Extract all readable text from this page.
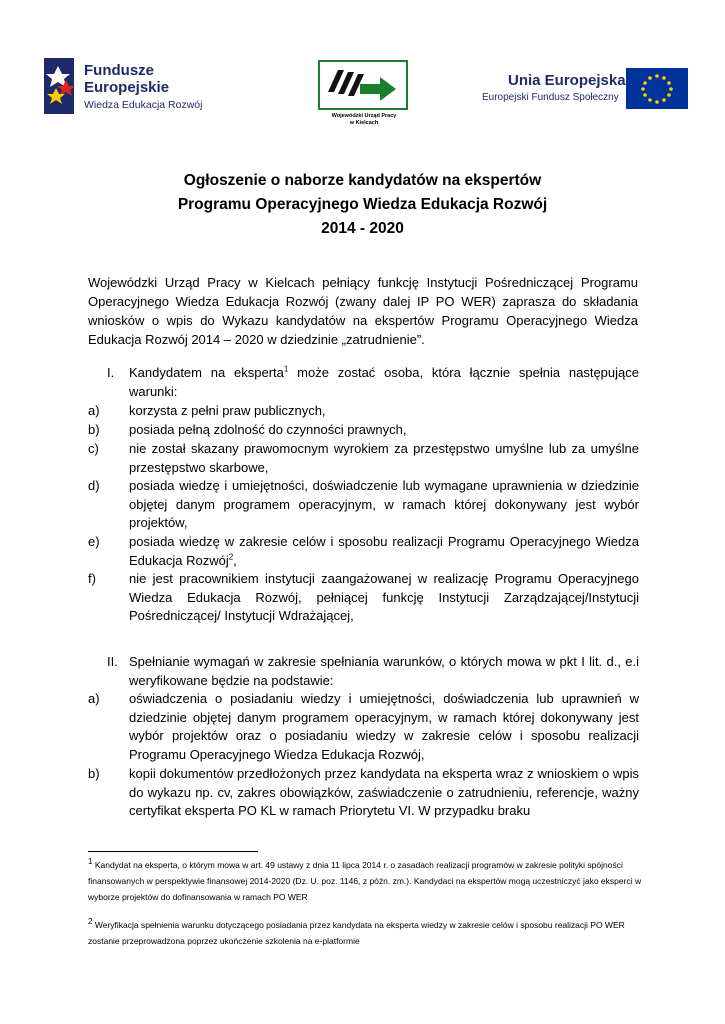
Fundusze
Europejskie
Wiedza Edukacja Rozwój
Wojewódzki Urząd Pracy
w Kielcach
Unia Europejska
Europejski Fundusz Społeczny
Ogłoszenie o naborze kandydatów na ekspertów
Programu Operacyjnego Wiedza Edukacja Rozwój
2014 - 2020
Wojewódzki Urząd Pracy w Kielcach pełniący funkcję Instytucji Pośredniczącej Programu Operacyjnego Wiedza Edukacja Rozwój (zwany dalej IP PO WER) zaprasza do składania wniosków o wpis do Wykazu kandydatów na ekspertów Programu Operacyjnego Wiedza Edukacja Rozwój 2014 – 2020 w dziedzinie „zatrudnienie”.
I. Kandydatem na eksperta$^1$ może zostać osoba, która łącznie spełnia następujące warunki:
a) korzysta z pełni praw publicznych,
b) posiada pełną zdolność do czynności prawnych,
c) nie został skazany prawomocnym wyrokiem za przestępstwo umyślne lub za umyślne przestępstwo skarbowe,
d) posiada wiedzę i umiejętności, doświadczenie lub wymagane uprawnienia w dziedzinie objętej danym programem operacyjnym, w ramach której dokonywany jest wybór projektów,
e) posiada wiedzę w zakresie celów i sposobu realizacji Programu Operacyjnego Wiedza Edukacja Rozwój$^2$,
f)	nie jest pracownikiem instytucji zaangażowanej w realizację Programu Operacyjnego Wiedza Edukacja Rozwój, pełniącej funkcję Instytucji Zarządzającej/Instytucji Pośredniczącej/ Instytucji Wdrażającej,
II. Spełnianie wymagań w zakresie spełniania warunków, o których mowa w pkt I lit. d., e.i weryfikowane będzie na podstawie:
a) oświadczenia o posiadaniu wiedzy i umiejętności, doświadczenia lub uprawnień w dziedzinie objętej danym programem operacyjnym, w ramach której dokonywany jest wybór projektów oraz o posiadaniu wiedzy w zakresie celów i sposobu realizacji Programu Operacyjnego Wiedza Edukacja Rozwój,
b) kopii dokumentów przedłożonych przez kandydata na eksperta wraz z wnioskiem o wpis do wykazu np. cv, zakres obowiązków, zaświadczenie o zatrudnieniu, referencje, ważny certyfikat eksperta PO KL w ramach Priorytetu VI. W przypadku braku
$^1$ Kandydat na eksperta, o którym mowa w art. 49 ustawy z dnia 11 lipca 2014 r. o zasadach realizacji programów w zakresie polityki spójności finansowanych w perspektywie finansowej 2014-2020 (Dz. U. poz. 1146, z późn. zm.). Kandydaci na ekspertów mogą uczestniczyć jako eksperci w wyborze projektów do dofinansowania w ramach PO WER
$^2$ Weryfikacja spełnienia warunku dotyczącego posiadania przez kandydata na eksperta wiedzy w zakresie celów i sposobu realizacji PO WER zostanie przeprowadzona poprzez ukończenie szkolenia na e-platformie
